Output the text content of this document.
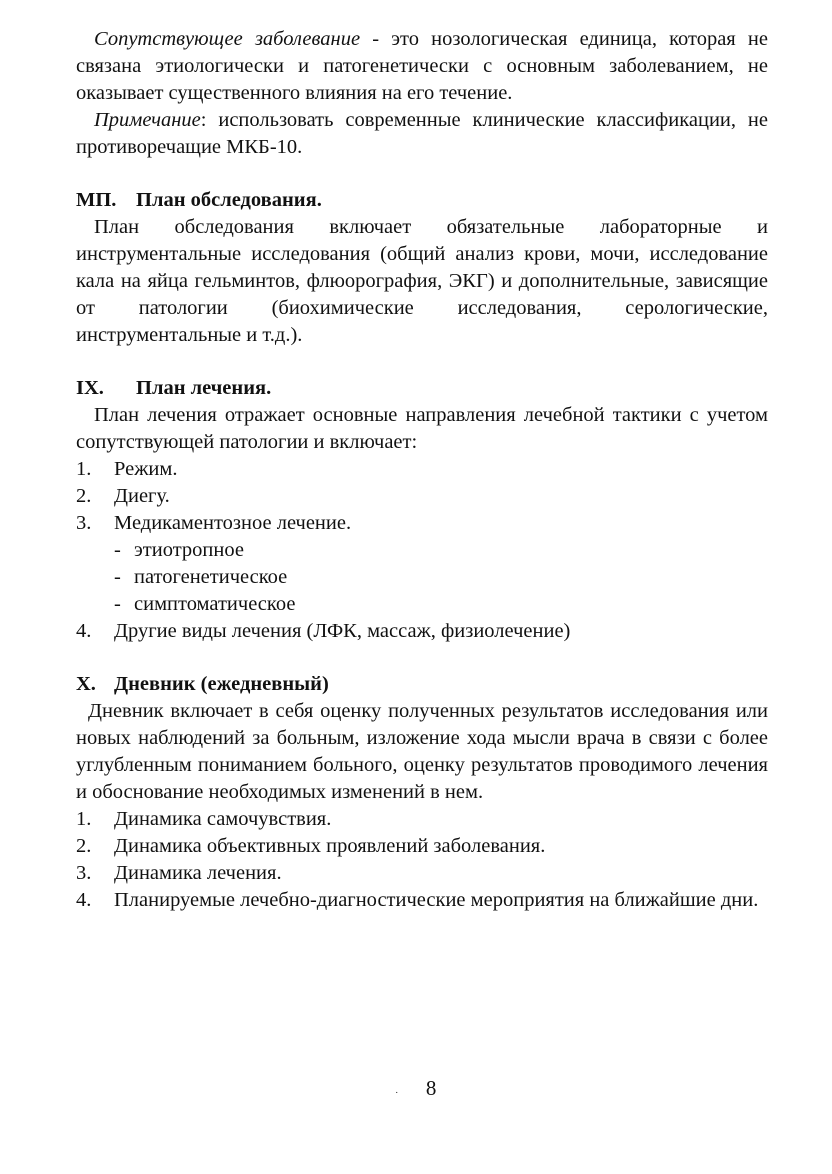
Сопутствующее заболевание - это нозологическая единица, которая не связана этиологически и патогенетически с основным заболеванием, не оказывает существенного влияния на его течение.

Примечание: использовать современные клинические классификации, не противоречащие МКБ-10.

МП. План обследования.

План обследования включает обязательные лабораторные и инструментальные исследования (общий анализ крови, мочи, исследование кала на яйца гельминтов, флюорография, ЭКГ) и дополнительные, зависящие от патологии (биохимические исследования, серологические, инструментальные и т.д.).

IX.	План лечения.

План лечения отражает основные направления лечебной тактики с учетом сопутствующей патологии и включает:

1.	Режим.
2.	Диегу.
3.	Медикаментозное лечение.
- этиотропное
- патогенетическое
- симптоматическое
4.	Другие виды лечения (ЛФК, массаж, физиолечение)
X. Дневник (ежедневный)

Дневник включает в себя оценку полученных результатов исследования или новых наблюдений за больным, изложение хода мысли врача в связи с более углубленным пониманием больного, оценку результатов проводимого лечения и обоснование необходимых изменений в нем.

1.	Динамика самочувствия.
2.	Динамика объективных проявлений заболевания.
3.	Динамика лечения.
4.	Планируемые лечебно-диагностические мероприятия на ближайшие дни.
. 8
